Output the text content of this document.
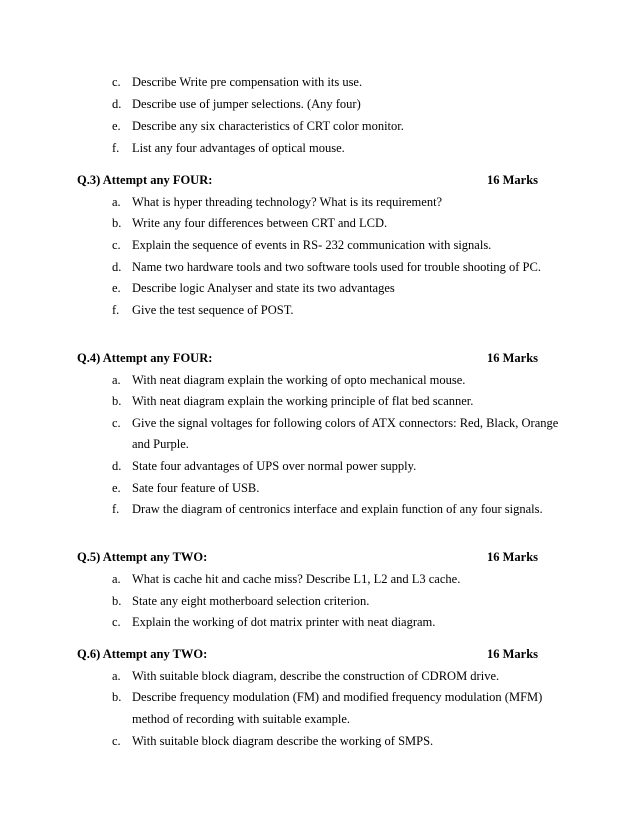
c. Describe Write pre compensation with its use.
d. Describe use of jumper selections. (Any four)
e. Describe any six characteristics of CRT color monitor.
f.	List any four advantages of optical mouse.
Q.3) Attempt any FOUR:	16 Marks
a. What is hyper threading technology? What is its requirement?
b. Write any four differences between CRT and LCD.
c. Explain the sequence of events in RS- 232 communication with signals.
d. Name two hardware tools and two software tools used for trouble shooting of PC.
e. Describe logic Analyser and state its two advantages
f.	Give the test sequence of POST.
Q.4) Attempt any FOUR:	16 Marks
a. With neat diagram explain the working of opto mechanical mouse.
b. With neat diagram explain the working principle of flat bed scanner.
c. Give the signal voltages for following colors of ATX connectors: Red, Black, Orange
and Purple.
d. State four advantages of UPS over normal power supply.
e. Sate four feature of USB.
f.	Draw the diagram of centronics interface and explain function of any four signals.
Q.5) Attempt any TWO:	16 Marks
a. What is cache hit and cache miss? Describe L1, L2 and L3 cache.
b. State any eight motherboard selection criterion.
c. Explain the working of dot matrix printer with neat diagram.
Q.6) Attempt any TWO:	16 Marks
a. With suitable block diagram, describe the construction of CDROM drive.
b. Describe frequency modulation (FM) and modified frequency modulation (MFM)
method of recording with suitable example.
c. With suitable block diagram describe the working of SMPS.
